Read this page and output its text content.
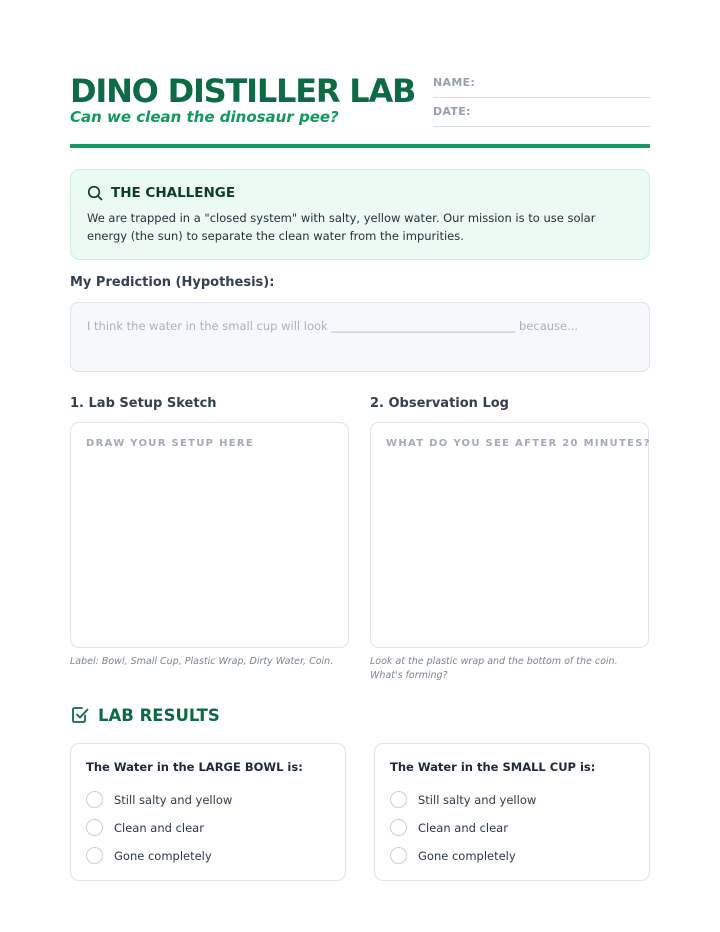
DINO DISTILLER LAB
Can we clean the dinosaur pee?
NAME:
DATE:
THE CHALLENGE
We are trapped in a "closed system" with salty, yellow water. Our mission is to use solar energy (the sun) to separate the clean water from the impurities.
My Prediction (Hypothesis):
I think the water in the small cup will look ________________________________ because...
1. Lab Setup Sketch
DRAW YOUR SETUP HERE
Label: Bowl, Small Cup, Plastic Wrap, Dirty Water, Coin.
2. Observation Log
WHAT DO YOU SEE AFTER 20 MINUTES?
Look at the plastic wrap and the bottom of the coin. What's forming?
LAB RESULTS
The Water in the LARGE BOWL is:
Still salty and yellow
Clean and clear
Gone completely
The Water in the SMALL CUP is:
Still salty and yellow
Clean and clear
Gone completely
